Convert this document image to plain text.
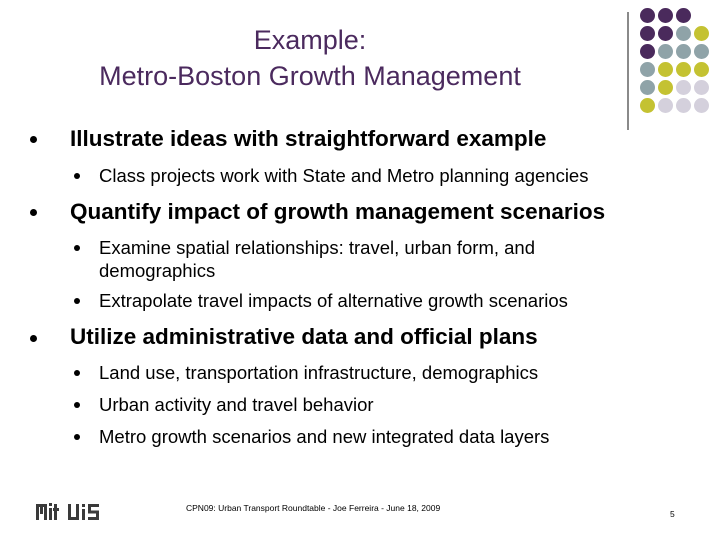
Example:
Metro-Boston Growth Management
Illustrate ideas with straightforward example
Class projects work with State and Metro planning agencies
Quantify impact of growth management scenarios
Examine spatial relationships: travel, urban form, and
demographics
Extrapolate travel impacts of alternative growth scenarios
Utilize administrative data and official plans
Land use, transportation infrastructure, demographics
Urban activity and travel behavior
Metro growth scenarios and new integrated data layers
CPN09: Urban Transport Roundtable - Joe Ferreira - June 18, 2009
5
